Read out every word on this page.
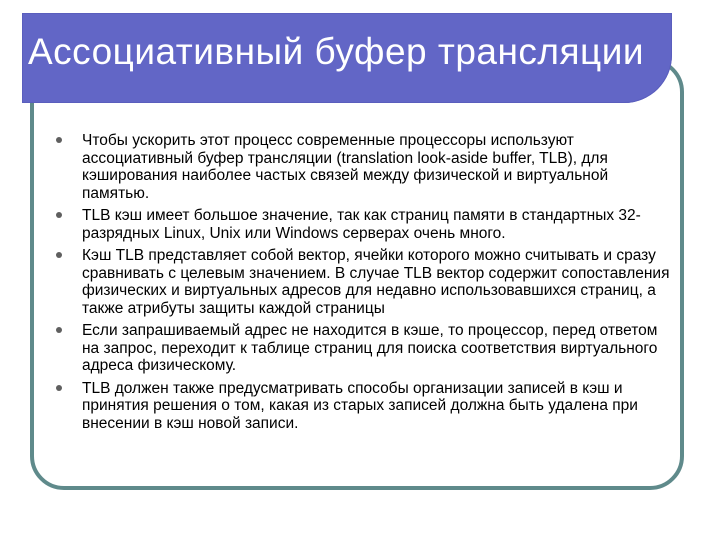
Ассоциативный буфер трансляции
Чтобы ускорить этот процесс современные процессоры используют ассоциативный буфер трансляции (translation look-aside buffer, TLB), для кэширования наиболее частых связей между физической и виртуальной памятью.
TLB кэш имеет большое значение, так как страниц памяти в стандартных 32-разрядных Linux, Unix или Windows серверах очень много.
Кэш TLB представляет собой вектор, ячейки которого можно считывать и сразу сравнивать с целевым значением. В случае TLB вектор содержит сопоставления физических и виртуальных адресов для недавно использовавшихся страниц, а также атрибуты защиты каждой страницы
Если запрашиваемый адрес не находится в кэше, то процессор, перед ответом на запрос, переходит к таблице страниц для поиска соответствия виртуального адреса физическому.
TLB должен также предусматривать способы организации записей в кэш и принятия решения о том, какая из старых записей должна быть удалена при внесении в кэш новой записи.
